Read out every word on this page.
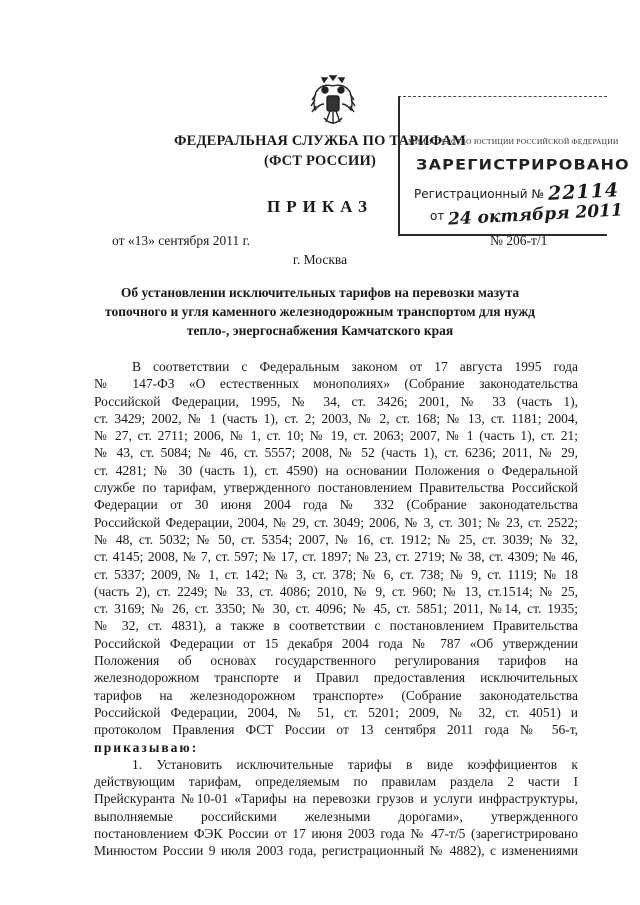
ФЕДЕРАЛЬНАЯ СЛУЖБА ПО ТАРИФАМ
(ФСТ РОССИИ)
МИНИСТЕРСТВО ЮСТИЦИИ РОССИЙСКОЙ ФЕДЕРАЦИИ
ЗАРЕГИСТРИРОВАНО
Регистрационный № 22114
от 24 октября 2011
ПРИКАЗ
от «13» сентября 2011 г.	№ 206-т/1
г. Москва
Об установлении исключительных тарифов на перевозки мазута
топочного и угля каменного железнодорожным транспортом для нужд
тепло-, энергоснабжения Камчатского края
В соответствии с Федеральным законом от 17 августа 1995 года
№ 147-ФЗ «О естественных монополиях» (Собрание законодательства
Российской Федерации, 1995, № 34, ст. 3426; 2001, № 33 (часть 1),
ст. 3429; 2002, № 1 (часть 1), ст. 2; 2003, № 2, ст. 168; № 13, ст. 1181; 2004,
№ 27, ст. 2711; 2006, № 1, ст. 10; № 19, ст. 2063; 2007, № 1 (часть 1), ст. 21;
№ 43, ст. 5084; № 46, ст. 5557; 2008, № 52 (часть 1), ст. 6236; 2011, № 29,
ст. 4281; № 30 (часть 1), ст. 4590) на основании Положения о Федеральной
службе по тарифам, утвержденного постановлением Правительства Российской
Федерации от 30 июня 2004 года № 332 (Собрание законодательства
Российской Федерации, 2004, № 29, ст. 3049; 2006, № 3, ст. 301; № 23, ст. 2522;
№ 48, ст. 5032; № 50, ст. 5354; 2007, № 16, ст. 1912; № 25, ст. 3039; № 32,
ст. 4145; 2008, № 7, ст. 597; № 17, ст. 1897; № 23, ст. 2719; № 38, ст. 4309; № 46,
ст. 5337; 2009, № 1, ст. 142; № 3, ст. 378; № 6, ст. 738; № 9, ст. 1119; № 18
(часть 2), ст. 2249; № 33, ст. 4086; 2010, № 9, ст. 960; № 13, ст.1514; № 25,
ст. 3169; № 26, ст. 3350; № 30, ст. 4096; № 45, ст. 5851; 2011, №14, ст. 1935;
№ 32, ст. 4831), а также в соответствии с постановлением Правительства
Российской Федерации от 15 декабря 2004 года № 787 «Об утверждении
Положения об основах государственного регулирования тарифов на
железнодорожном транспорте и Правил предоставления исключительных
тарифов на железнодорожном транспорте» (Собрание законодательства
Российской Федерации, 2004, № 51, ст. 5201; 2009, № 32, ст. 4051) и
протоколом Правления ФСТ России от 13 сентября 2011 года № 56-т,
приказываю:
1. Установить исключительные тарифы в виде коэффициентов к
действующим тарифам, определяемым по правилам раздела 2 части I
Прейскуранта №10-01 «Тарифы на перевозки грузов и услуги инфраструктуры,
выполняемые российскими железными дорогами», утвержденного
постановлением ФЭК России от 17 июня 2003 года № 47-т/5 (зарегистрировано
Минюстом России 9 июля 2003 года, регистрационный № 4882), с изменениями
